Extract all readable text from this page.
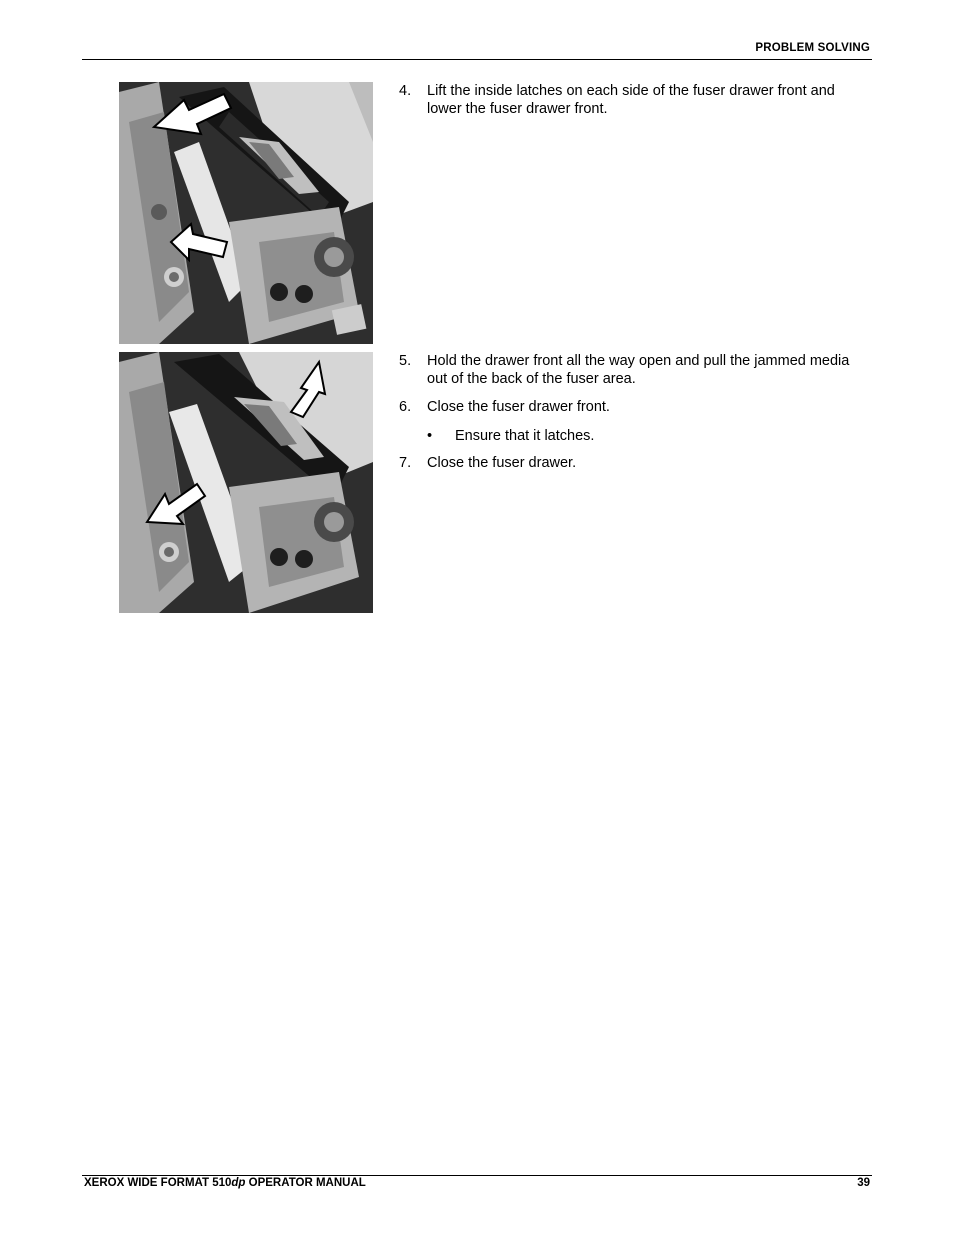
PROBLEM SOLVING
4. Lift the inside latches on each side of the fuser drawer front and lower the fuser drawer front.
5. Hold the drawer front all the way open and pull the jammed media out of the back of the fuser area.
6. Close the fuser drawer front.
• Ensure that it latches.
7. Close the fuser drawer.
XEROX WIDE FORMAT 510dp OPERATOR MANUAL	39
